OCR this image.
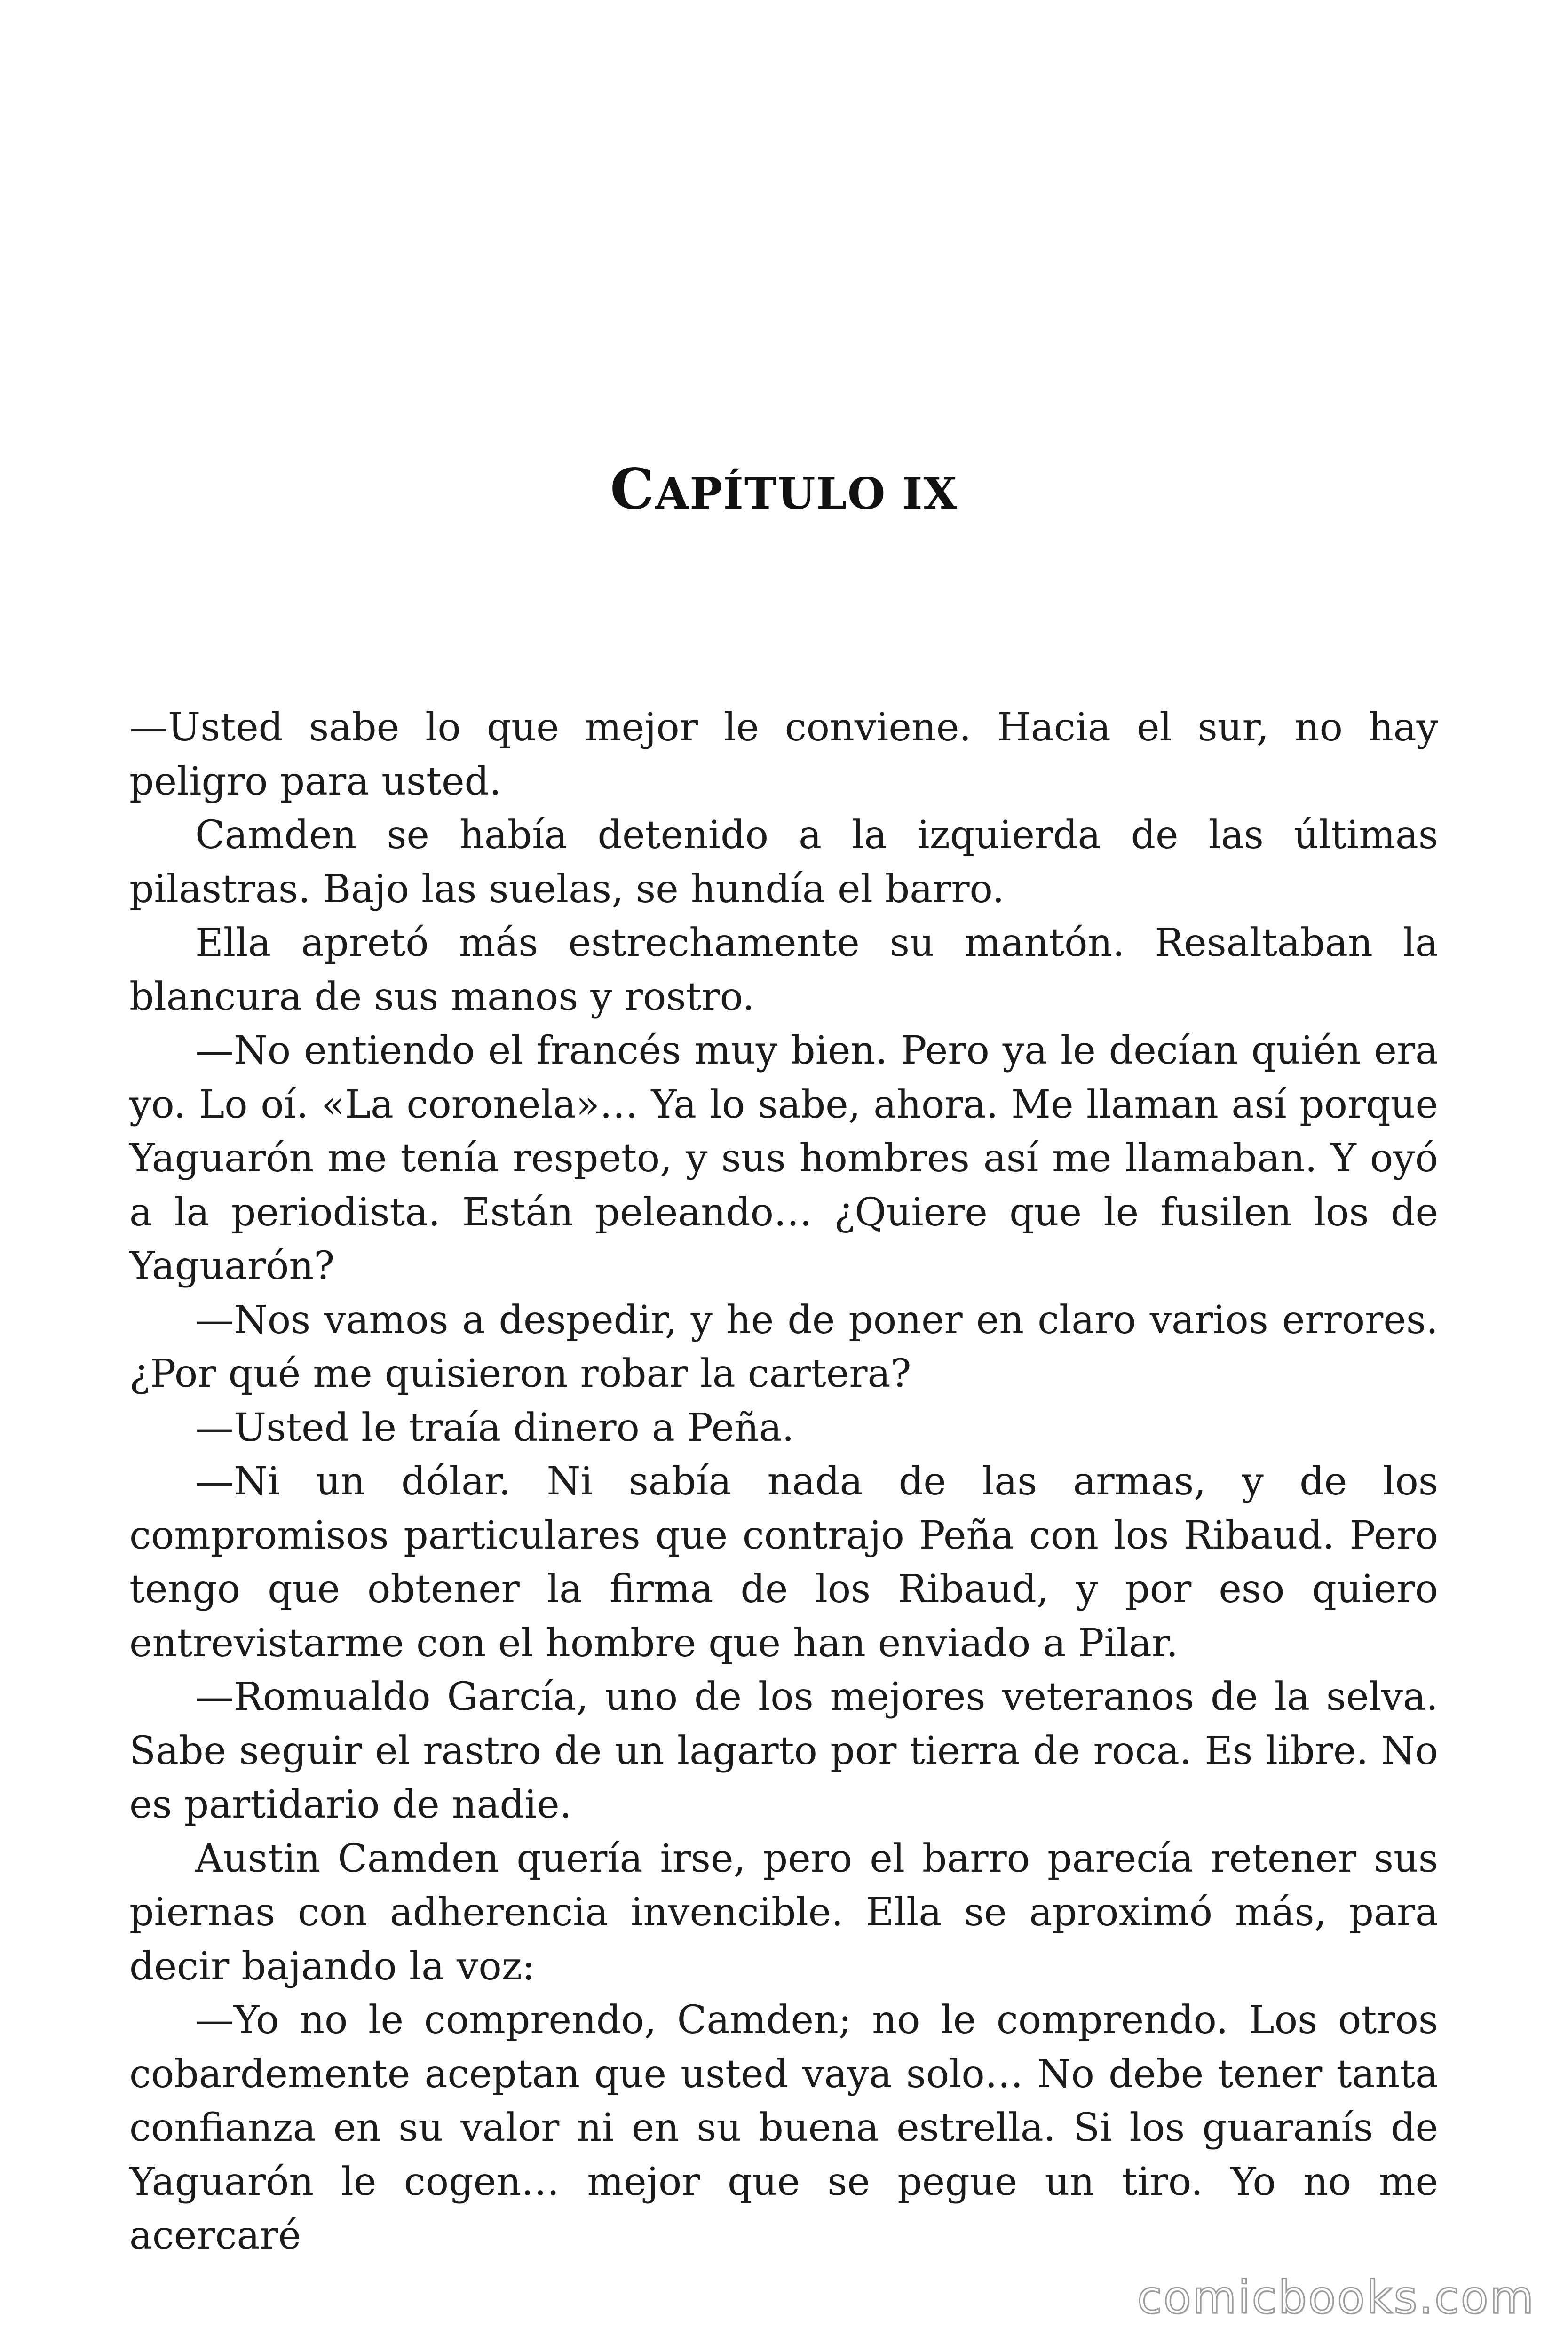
CAPÍTULO IX

—Usted sabe lo que mejor le conviene. Hacia el sur, no hay peligro para usted.

Camden se había detenido a la izquierda de las últimas pilastras. Bajo las suelas, se hundía el barro.

Ella apretó más estrechamente su mantón. Resaltaban la blancura de sus manos y rostro.

—No entiendo el francés muy bien. Pero ya le decían quién era yo. Lo oí. «La coronela»… Ya lo sabe, ahora. Me llaman así porque Yaguarón me tenía respeto, y sus hombres así me llamaban. Y oyó a la periodista. Están peleando… ¿Quiere que le fusilen los de Yaguarón?

—Nos vamos a despedir, y he de poner en claro varios errores. ¿Por qué me quisieron robar la cartera?

—Usted le traía dinero a Peña.

—Ni un dólar. Ni sabía nada de las armas, y de los compromisos particulares que contrajo Peña con los Ribaud. Pero tengo que obtener la firma de los Ribaud, y por eso quiero entrevistarme con el hombre que han enviado a Pilar.

—Romualdo García, uno de los mejores veteranos de la selva. Sabe seguir el rastro de un lagarto por tierra de roca. Es libre. No es partidario de nadie.

Austin Camden quería irse, pero el barro parecía retener sus piernas con adherencia invencible. Ella se aproximó más, para decir bajando la voz:

—Yo no le comprendo, Camden; no le comprendo. Los otros cobardemente aceptan que usted vaya solo… No debe tener tanta confianza en su valor ni en su buena estrella. Si los guaranís de Yaguarón le cogen… mejor que se pegue un tiro. Yo no me acercaré

comicbooks.com
